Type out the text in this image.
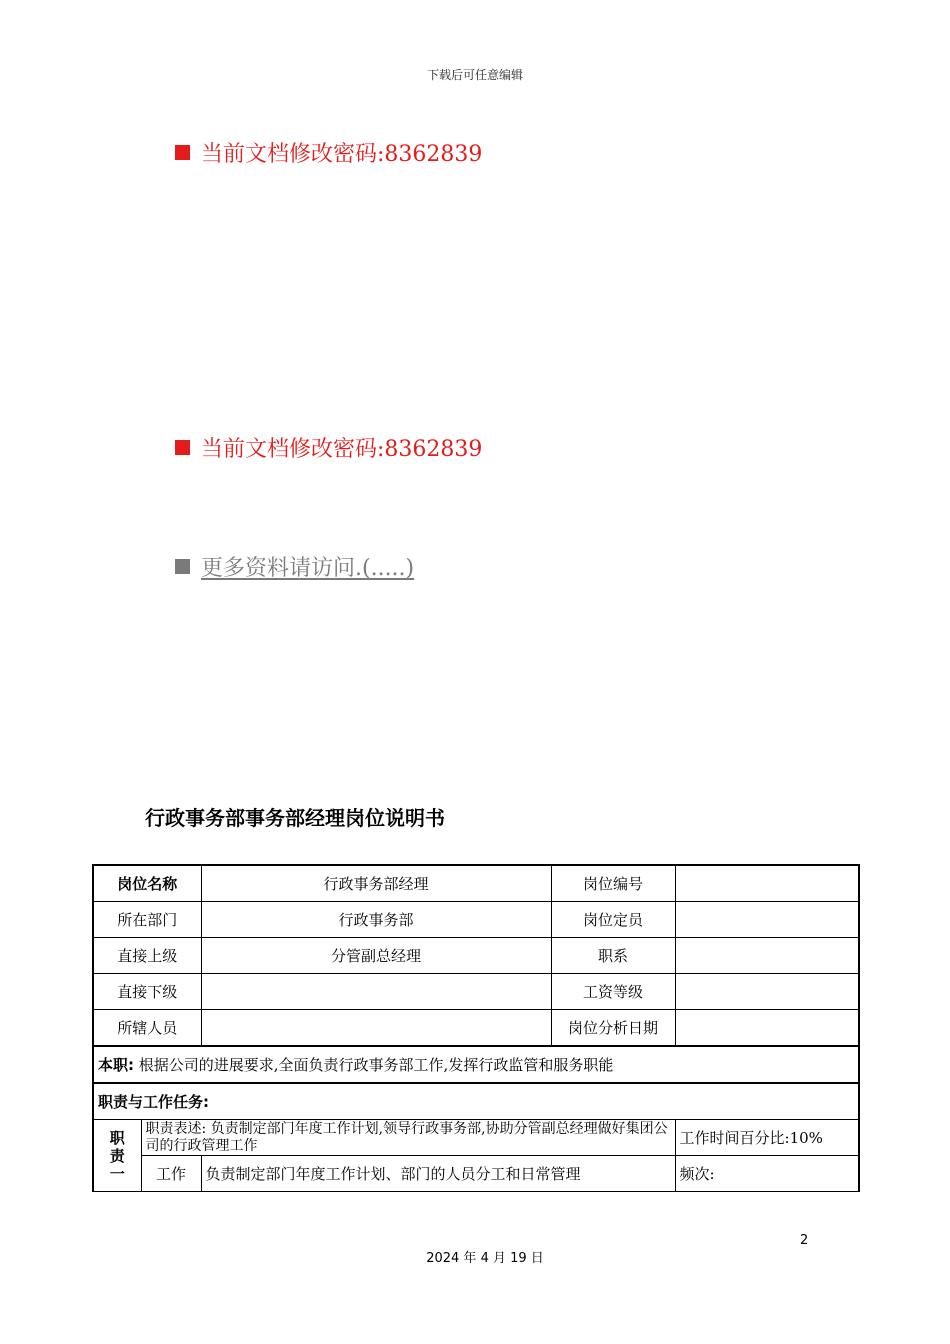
下载后可任意编辑
当前文档修改密码:8362839
当前文档修改密码:8362839
更多资料请访问.(.....)
行政事务部事务部经理岗位说明书
岗位名称		行政事务部经理	岗位编号	
所在部门		行政事务部	岗位定员	
直接上级		分管副总经理	职系	
直接下级			工资等级	
所辖人员			岗位分析日期	
本职: 根据公司的进展要求,全面负责行政事务部工作,发挥行政监管和服务职能				
职责与工作任务:				
职责一	职责表述: 负责制定部门年度工作计划,领导行政事务部,协助分管副总经理做好集团公司的行政管理工作			工作时间百分比:10%
	工作	负责制定部门年度工作计划、部门的人员分工和日常管理		频次:
2
2024 年 4 月 19 日
